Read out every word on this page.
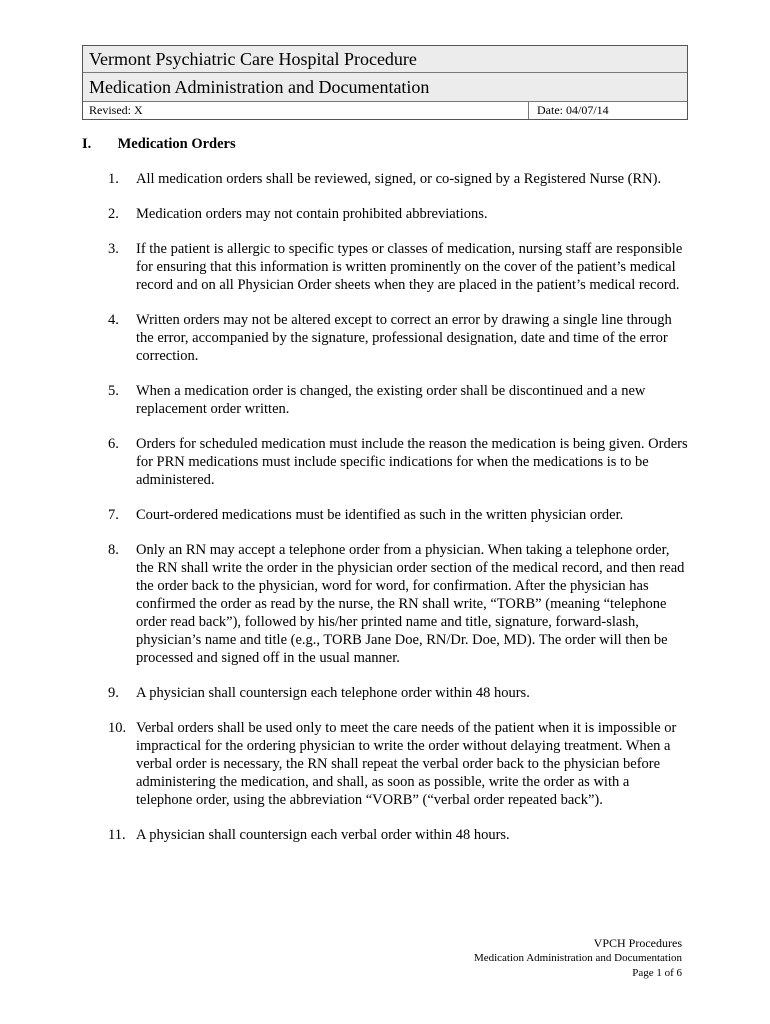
Vermont Psychiatric Care Hospital Procedure
Medication Administration and Documentation
Revised: X	Date: 04/07/14
I. Medication Orders
1.	All medication orders shall be reviewed, signed, or co-signed by a Registered Nurse (RN).
2.	Medication orders may not contain prohibited abbreviations.
3.	If the patient is allergic to specific types or classes of medication, nursing staff are responsible for ensuring that this information is written prominently on the cover of the patient’s medical record and on all Physician Order sheets when they are placed in the patient’s medical record.
4.	Written orders may not be altered except to correct an error by drawing a single line through the error, accompanied by the signature, professional designation, date and time of the error correction.
5.	When a medication order is changed, the existing order shall be discontinued and a new replacement order written.
6.	Orders for scheduled medication must include the reason the medication is being given. Orders for PRN medications must include specific indications for when the medications is to be administered.
7.	Court-ordered medications must be identified as such in the written physician order.
8.	Only an RN may accept a telephone order from a physician. When taking a telephone order, the RN shall write the order in the physician order section of the medical record, and then read the order back to the physician, word for word, for confirmation. After the physician has confirmed the order as read by the nurse, the RN shall write, “TORB” (meaning “telephone order read back”), followed by his/her printed name and title, signature, forward-slash, physician’s name and title (e.g., TORB Jane Doe, RN/Dr. Doe, MD). The order will then be processed and signed off in the usual manner.
9.	A physician shall countersign each telephone order within 48 hours.
10. Verbal orders shall be used only to meet the care needs of the patient when it is impossible or impractical for the ordering physician to write the order without delaying treatment. When a verbal order is necessary, the RN shall repeat the verbal order back to the physician before administering the medication, and shall, as soon as possible, write the order as with a telephone order, using the abbreviation “VORB” (“verbal order repeated back”).
11. A physician shall countersign each verbal order within 48 hours.
VPCH Procedures
Medication Administration and Documentation
Page 1 of 6
